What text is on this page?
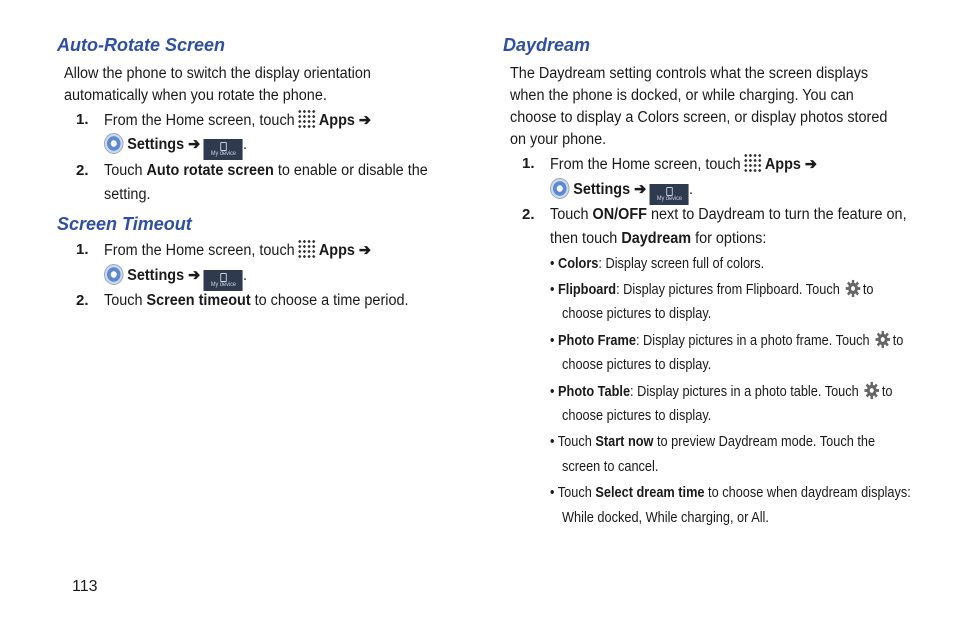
Auto-Rotate Screen
Allow the phone to switch the display orientation
automatically when you rotate the phone.
1. From the Home screen, touch Apps ➔
Settings ➔My device.
2. Touch Auto rotate screen to enable or disable the
setting.
Screen Timeout
1. From the Home screen, touch Apps ➔
Settings ➔My device.
2. Touch Screen timeout to choose a time period.
Daydream
The Daydream setting controls what the screen displays
when the phone is docked, or while charging. You can
choose to display a Colors screen, or display photos stored
on your phone.
1. From the Home screen, touch Apps ➔
Settings ➔My device.
2. Touch ON/OFF next to Daydream to turn the feature on,
then touch Daydream for options:
• Colors: Display screen full of colors.
• Flipboard: Display pictures from Flipboard. Touch to
choose pictures to display.
• Photo Frame: Display pictures in a photo frame. Touch to
choose pictures to display.
• Photo Table: Display pictures in a photo table. Touch to
choose pictures to display.
• Touch Start now to preview Daydream mode. Touch the
screen to cancel.
• Touch Select dream time to choose when daydream displays:
While docked, While charging, or All.
113
